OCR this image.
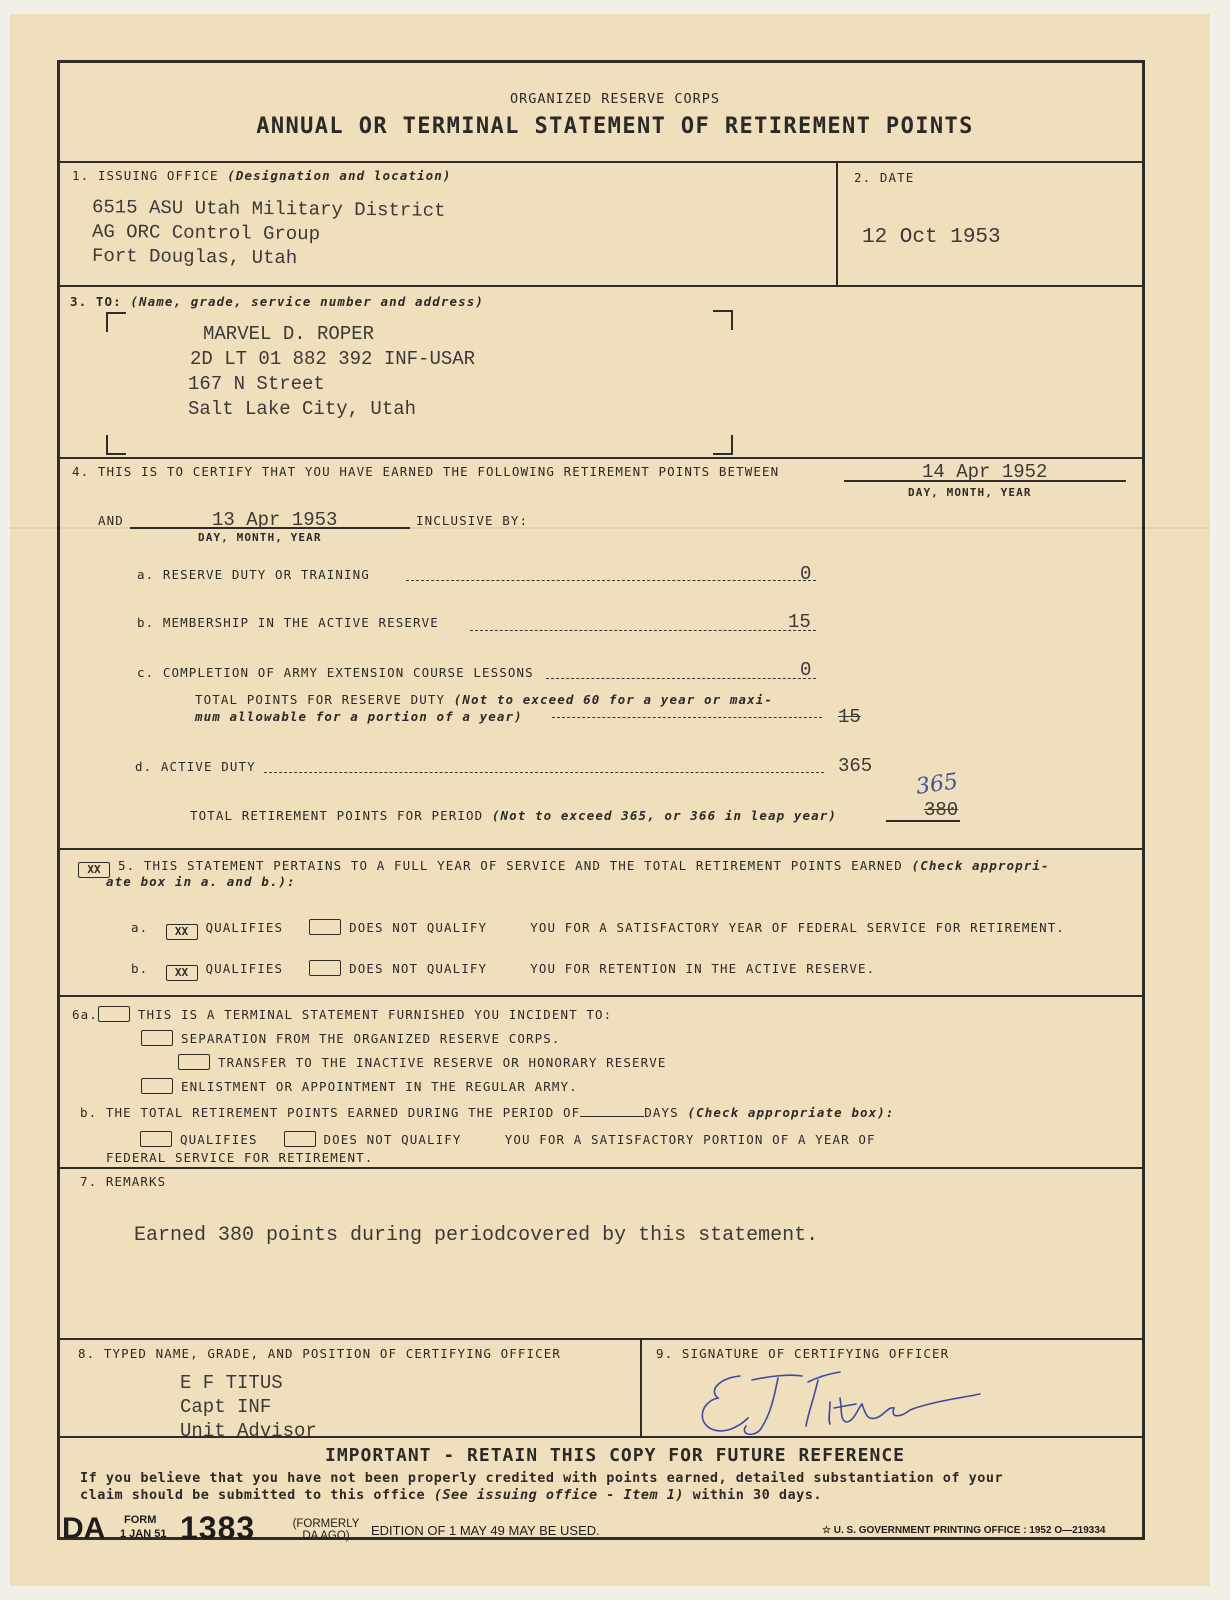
ORGANIZED RESERVE CORPS
ANNUAL OR TERMINAL STATEMENT OF RETIREMENT POINTS
1. ISSUING OFFICE (Designation and location)
6515 ASU Utah Military District
AG ORC Control Group
Fort Douglas, Utah
2. DATE
12 Oct 1953
3. TO: (Name, grade, service number and address)
MARVEL D. ROPER
2D LT 01 882 392 INF-USAR
167 N Street
Salt Lake City, Utah
4. THIS IS TO CERTIFY THAT YOU HAVE EARNED THE FOLLOWING RETIREMENT POINTS BETWEEN	14 Apr 1952
DAY, MONTH, YEAR
AND	13 Apr 1953	INCLUSIVE BY:
DAY, MONTH, YEAR
a. RESERVE DUTY OR TRAINING	0
b. MEMBERSHIP IN THE ACTIVE RESERVE	15
c. COMPLETION OF ARMY EXTENSION COURSE LESSONS	0
TOTAL POINTS FOR RESERVE DUTY (Not to exceed 60 for a year or maxi-
mum allowable for a portion of a year)	15
d. ACTIVE DUTY	365
TOTAL RETIREMENT POINTS FOR PERIOD (Not to exceed 365, or 366 in leap year)	380
365
XX 5. THIS STATEMENT PERTAINS TO A FULL YEAR OF SERVICE AND THE TOTAL RETIREMENT POINTS EARNED (Check appropri-
ate box in a. and b.):
a. XX QUALIFIES	DOES NOT QUALIFY	YOU FOR A SATISFACTORY YEAR OF FEDERAL SERVICE FOR RETIREMENT.
b. XX QUALIFIES	DOES NOT QUALIFY	YOU FOR RETENTION IN THE ACTIVE RESERVE.
6a.	THIS IS A TERMINAL STATEMENT FURNISHED YOU INCIDENT TO:
SEPARATION FROM THE ORGANIZED RESERVE CORPS.
TRANSFER TO THE INACTIVE RESERVE OR HONORARY RESERVE
ENLISTMENT OR APPOINTMENT IN THE REGULAR ARMY.
b. THE TOTAL RETIREMENT POINTS EARNED DURING THE PERIOD OF	DAYS (Check appropriate box):
QUALIFIES	DOES NOT QUALIFY	YOU FOR A SATISFACTORY PORTION OF A YEAR OF
FEDERAL SERVICE FOR RETIREMENT.
7. REMARKS
Earned 380 points during periodcovered by this statement.
8. TYPED NAME, GRADE, AND POSITION OF CERTIFYING OFFICER
E F TITUS
Capt INF
Unit Advisor
9. SIGNATURE OF CERTIFYING OFFICER
IMPORTANT - RETAIN THIS COPY FOR FUTURE REFERENCE
If you believe that you have not been properly credited with points earned, detailed substantiation of your
claim should be submitted to this office (See issuing office - Item 1) within 30 days.
DA FORM
1 JAN 51 1383	(FORMERLY DA AGO)	EDITION OF 1 MAY 49 MAY BE USED.	☆ U. S. GOVERNMENT PRINTING OFFICE : 1952 O—219334
